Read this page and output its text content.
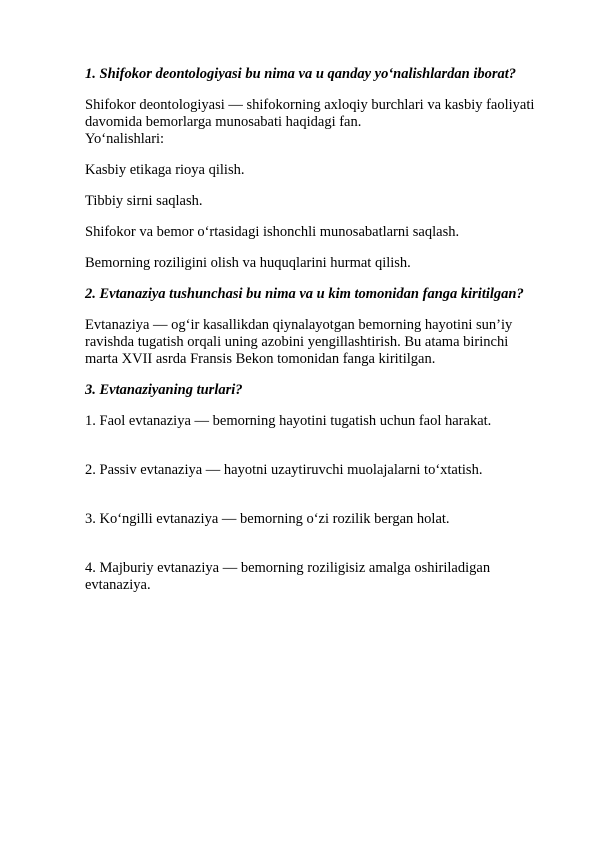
1. Shifokor deontologiyasi bu nima va u qanday yo‘nalishlardan iborat?

Shifokor deontologiyasi — shifokorning axloqiy burchlari va kasbiy faoliyati davomida bemorlarga munosabati haqidagi fan.

Yo‘nalishlari:

Kasbiy etikaga rioya qilish.

Tibbiy sirni saqlash.

Shifokor va bemor o‘rtasidagi ishonchli munosabatlarni saqlash.

Bemorning roziligini olish va huquqlarini hurmat qilish.

2. Evtanaziya tushunchasi bu nima va u kim tomonidan fanga kiritilgan?

Evtanaziya — og‘ir kasallikdan qiynalayotgan bemorning hayotini sun’iy ravishda tugatish orqali uning azobini yengillashtirish. Bu atama birinchi marta XVII asrda Fransis Bekon tomonidan fanga kiritilgan.

3. Evtanaziyaning turlari?

1. Faol evtanaziya — bemorning hayotini tugatish uchun faol harakat.

2. Passiv evtanaziya — hayotni uzaytiruvchi muolajalarni to‘xtatish.

3. Ko‘ngilli evtanaziya — bemorning o‘zi rozilik bergan holat.

4. Majburiy evtanaziya — bemorning roziligisiz amalga oshiriladigan evtanaziya.
